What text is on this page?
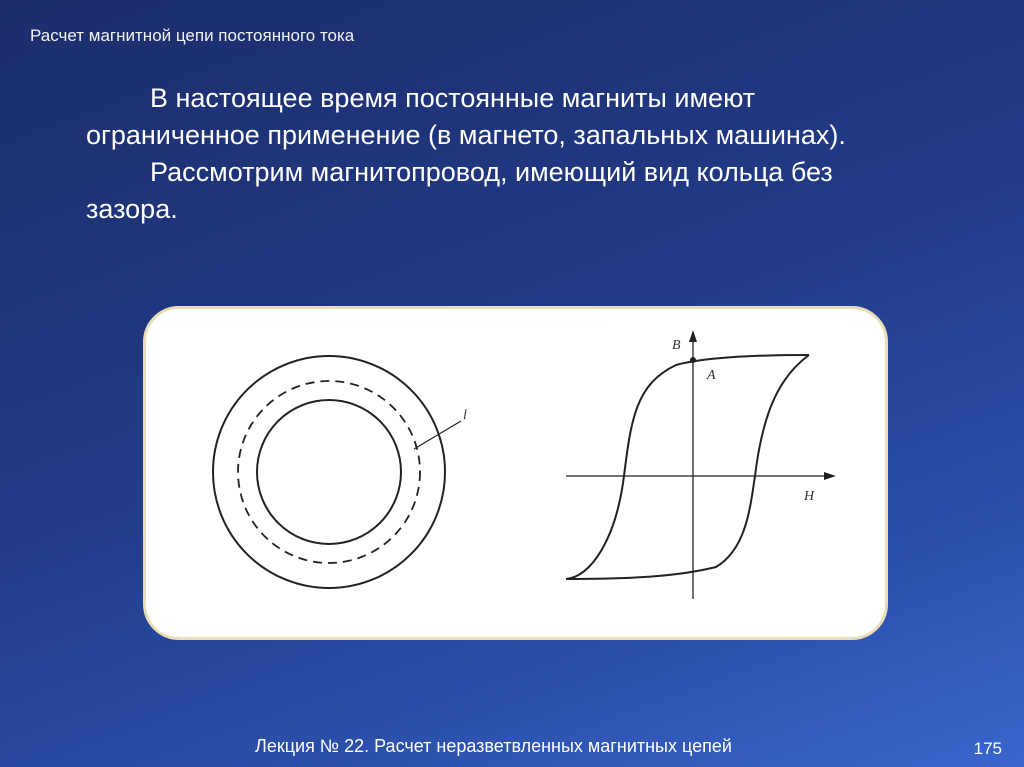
Расчет магнитной цепи постоянного тока

В настоящее время постоянные магниты имеют ограниченное применение (в магнето, запальных машинах).

Рассмотрим магнитопровод, имеющий вид кольца без зазора.

l
B
H
A
Лекция № 22. Расчет неразветвленных магнитных цепей	175
